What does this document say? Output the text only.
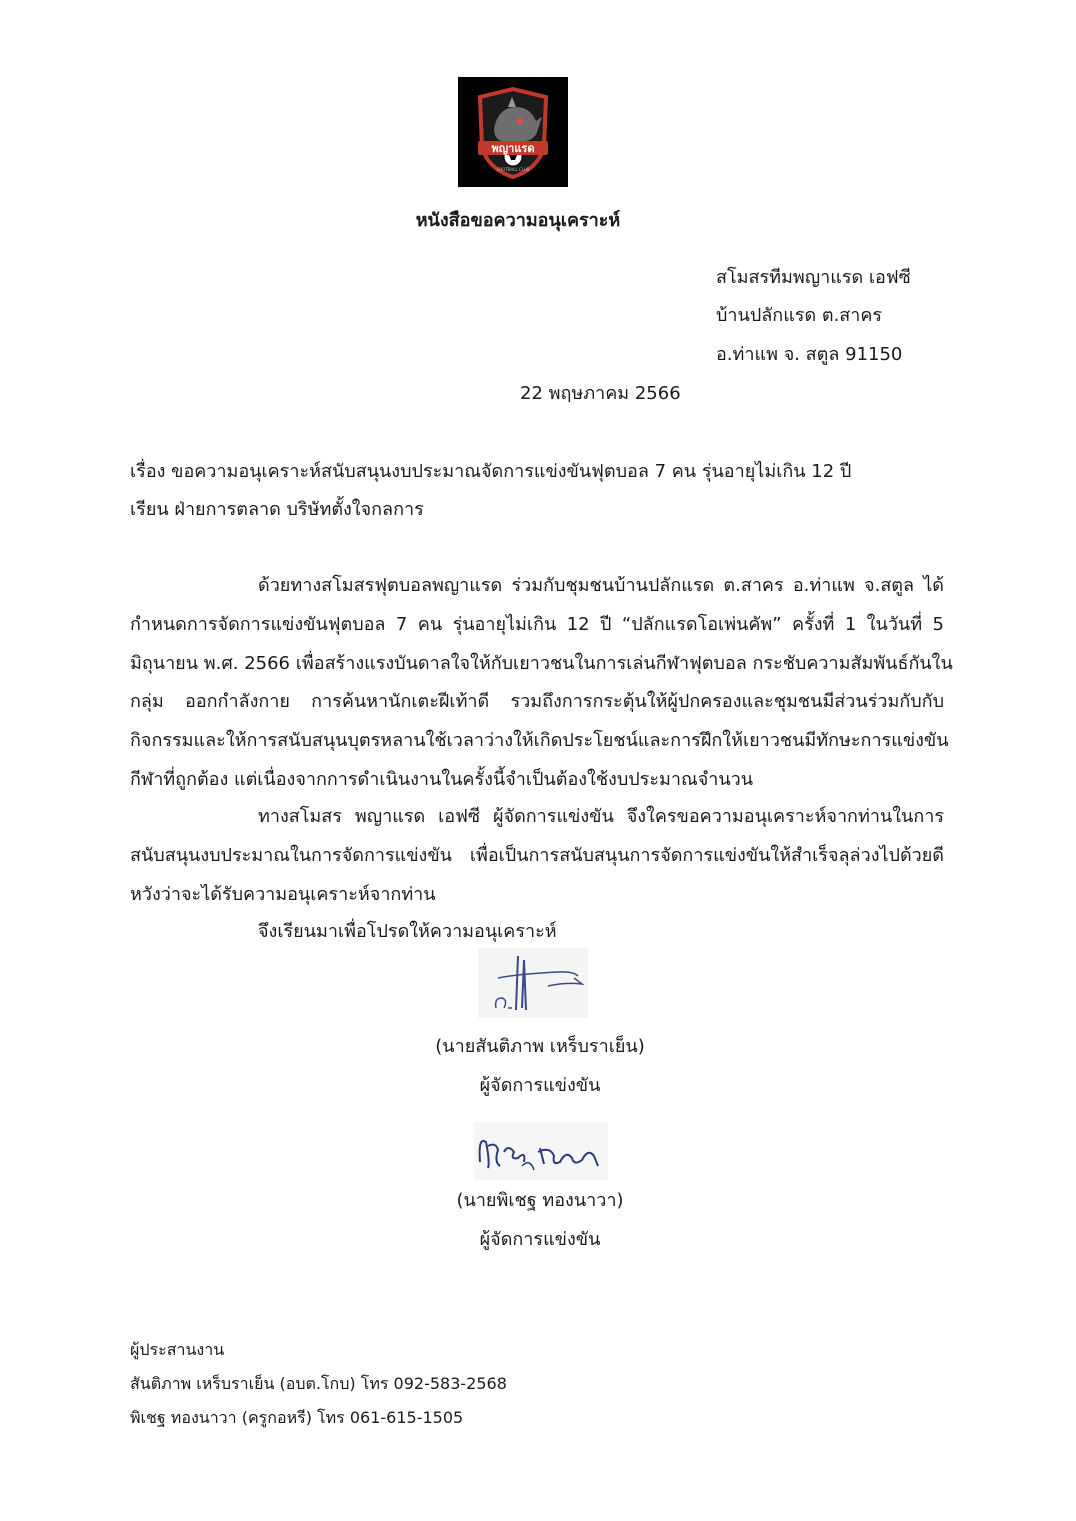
พญาแรด
FOOTBALL CLUB
หนังสือขอความอนุเคราะห์
สโมสรทีมพญาแรด เอฟซี
บ้านปลักแรด ต.สาคร
อ.ท่าแพ จ. สตูล 91150
22 พฤษภาคม 2566
เรื่อง ขอความอนุเคราะห์สนับสนุนงบประมาณจัดการแข่งขันฟุตบอล 7 คน รุ่นอายุไม่เกิน 12 ปี
เรียน ฝ่ายการตลาด บริษัทตั้งใจกลการ
ด้วยทางสโมสรฟุตบอลพญาแรด ร่วมกับชุมชนบ้านปลักแรด ต.สาคร อ.ท่าแพ จ.สตูล ได้
กำหนดการจัดการแข่งขันฟุตบอล 7 คน รุ่นอายุไม่เกิน 12 ปี “ปลักแรดโอเพ่นคัพ” ครั้งที่ 1 ในวันที่ 5
มิถุนายน พ.ศ. 2566 เพื่อสร้างแรงบันดาลใจให้กับเยาวชนในการเล่นกีฬาฟุตบอล กระชับความสัมพันธ์กันใน
กลุ่ม ออกกำลังกาย การค้นหานักเตะฝีเท้าดี รวมถึงการกระตุ้นให้ผู้ปกครองและชุมชนมีส่วนร่วมกับกับ
กิจกรรมและให้การสนับสนุนบุตรหลานใช้เวลาว่างให้เกิดประโยชน์และการฝึกให้เยาวชนมีทักษะการแข่งขัน
กีฬาที่ถูกต้อง แต่เนื่องจากการดำเนินงานในครั้งนี้จำเป็นต้องใช้งบประมาณจำนวน
ทางสโมสร พญาแรด เอฟซี ผู้จัดการแข่งขัน จึงใครขอความอนุเคราะห์จากท่านในการ
สนับสนุนงบประมาณในการจัดการแข่งขัน เพื่อเป็นการสนับสนุนการจัดการแข่งขันให้สำเร็จลุล่วงไปด้วยดี
หวังว่าจะได้รับความอนุเคราะห์จากท่าน
จึงเรียนมาเพื่อโปรดให้ความอนุเคราะห์
(นายสันติภาพ เหร็บราเย็น)
ผู้จัดการแข่งขัน
(นายพิเชฐ ทองนาวา)
ผู้จัดการแข่งขัน
ผู้ประสานงาน
สันติภาพ เหร็บราเย็น (อบต.โกบ) โทร 092-583-2568
พิเชฐ ทองนาวา (ครูกอหรี) โทร 061-615-1505
